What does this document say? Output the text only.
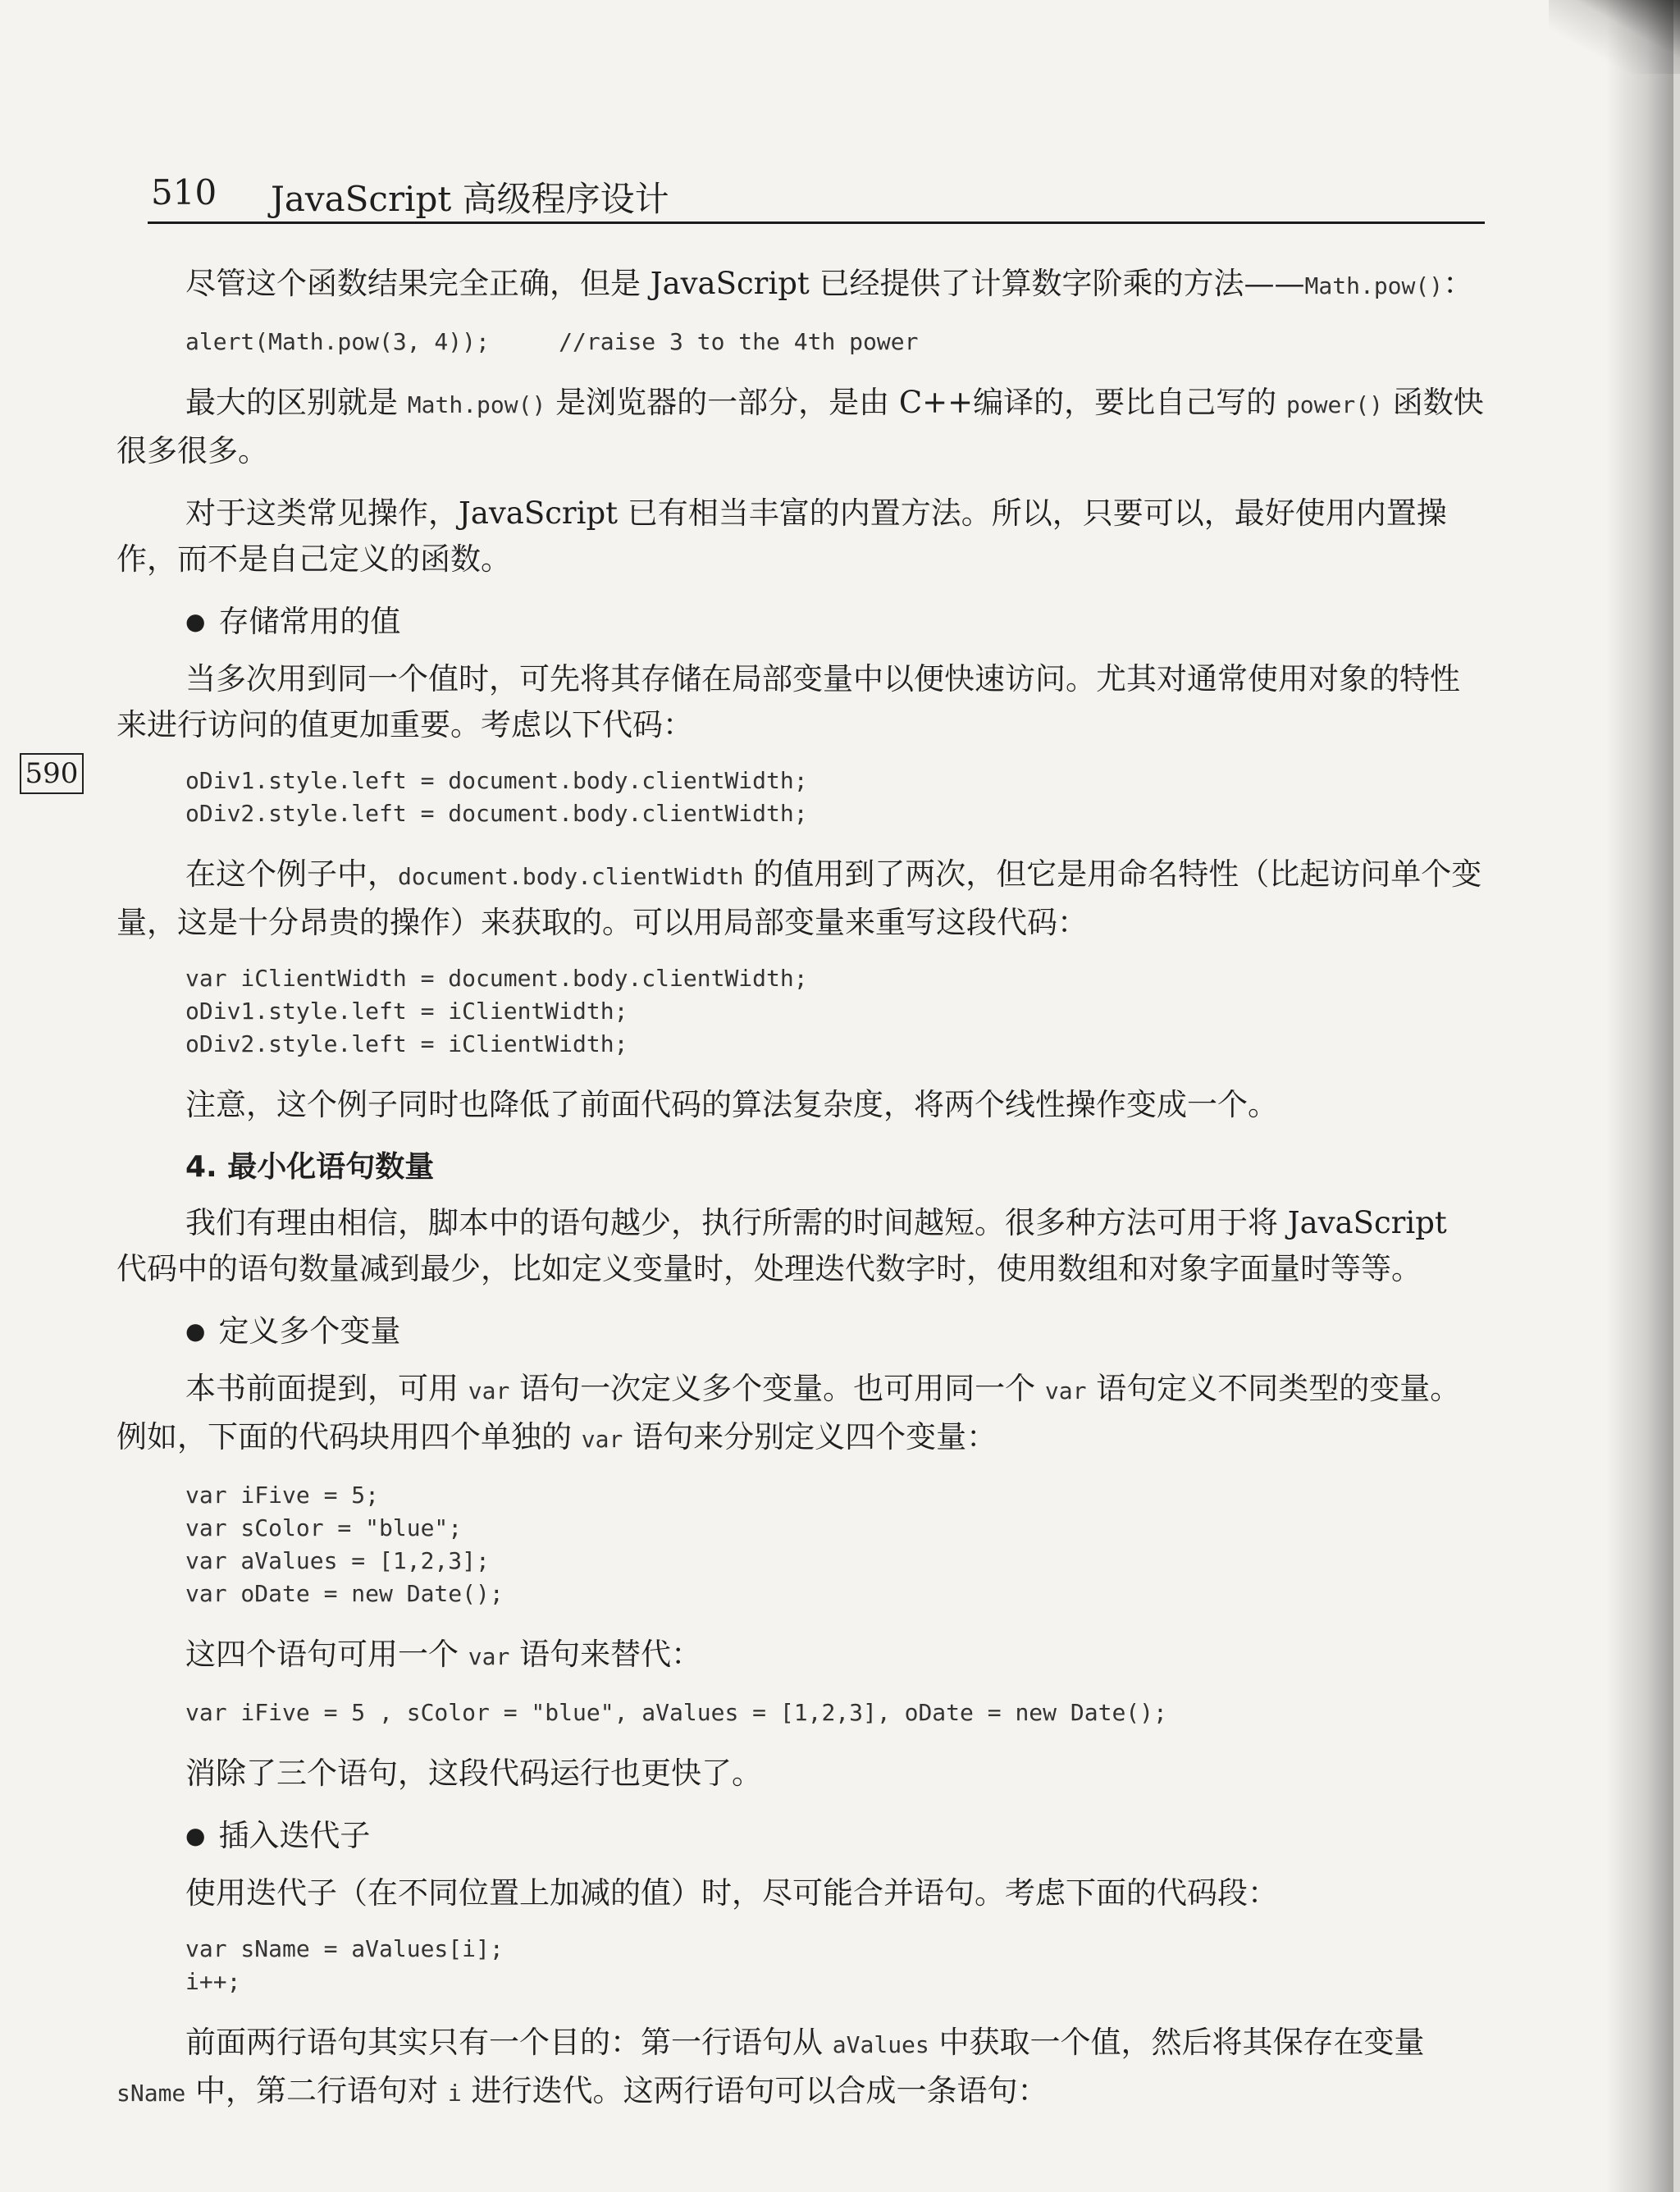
510 JavaScript 高级程序设计
590

尽管这个函数结果完全正确，但是 JavaScript 已经提供了计算数字阶乘的方法——Math.pow()：

alert(Math.pow(3, 4));     //raise 3 to the 4th power

最大的区别就是 Math.pow() 是浏览器的一部分，是由 C++编译的，要比自己写的 power() 函数快很多很多。

对于这类常见操作，JavaScript 已有相当丰富的内置方法。所以，只要可以，最好使用内置操作，而不是自己定义的函数。

● 存储常用的值

当多次用到同一个值时，可先将其存储在局部变量中以便快速访问。尤其对通常使用对象的特性来进行访问的值更加重要。考虑以下代码：

oDiv1.style.left = document.body.clientWidth;
oDiv2.style.left = document.body.clientWidth;

在这个例子中，document.body.clientWidth 的值用到了两次，但它是用命名特性（比起访问单个变量，这是十分昂贵的操作）来获取的。可以用局部变量来重写这段代码：

var iClientWidth = document.body.clientWidth;
oDiv1.style.left = iClientWidth;
oDiv2.style.left = iClientWidth;

注意，这个例子同时也降低了前面代码的算法复杂度，将两个线性操作变成一个。

4. 最小化语句数量

我们有理由相信，脚本中的语句越少，执行所需的时间越短。很多种方法可用于将 JavaScript 代码中的语句数量减到最少，比如定义变量时，处理迭代数字时，使用数组和对象字面量时等等。

● 定义多个变量

本书前面提到，可用 var 语句一次定义多个变量。也可用同一个 var 语句定义不同类型的变量。例如，下面的代码块用四个单独的 var 语句来分别定义四个变量：

var iFive = 5;
var sColor = "blue";
var aValues = [1,2,3];
var oDate = new Date();

这四个语句可用一个 var 语句来替代：

var iFive = 5 , sColor = "blue", aValues = [1,2,3], oDate = new Date();

消除了三个语句，这段代码运行也更快了。

● 插入迭代子

使用迭代子（在不同位置上加减的值）时，尽可能合并语句。考虑下面的代码段：

var sName = aValues[i];
i++;

前面两行语句其实只有一个目的：第一行语句从 aValues 中获取一个值，然后将其保存在变量 sName 中，第二行语句对 i 进行迭代。这两行语句可以合成一条语句：
